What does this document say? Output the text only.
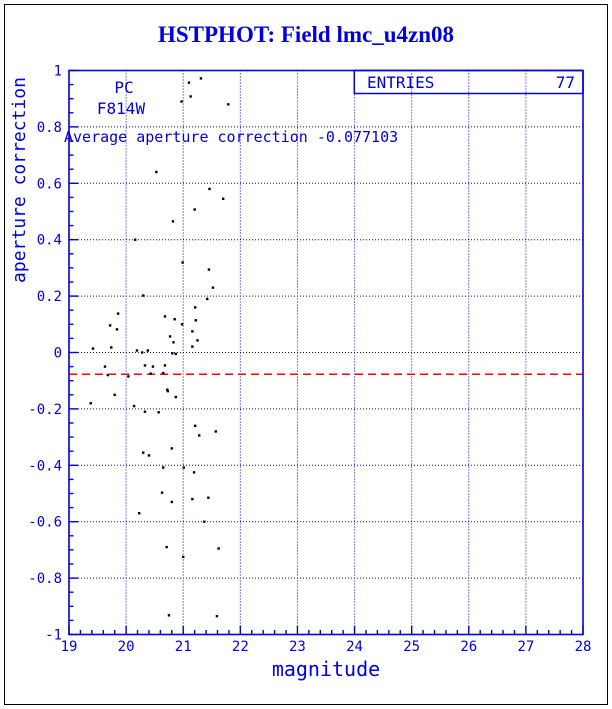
HSTPHOT: Field lmc_u4zn08
19	20	21	22	23	24	25	26	27	28
1
0.8
0.6
0.4
0.2
0
-0.2
-0.4
-0.6
-0.8
-1
ENTRIES	77
PC
F814W
Average aperture correction -0.077103
magnitude
aperture correction
